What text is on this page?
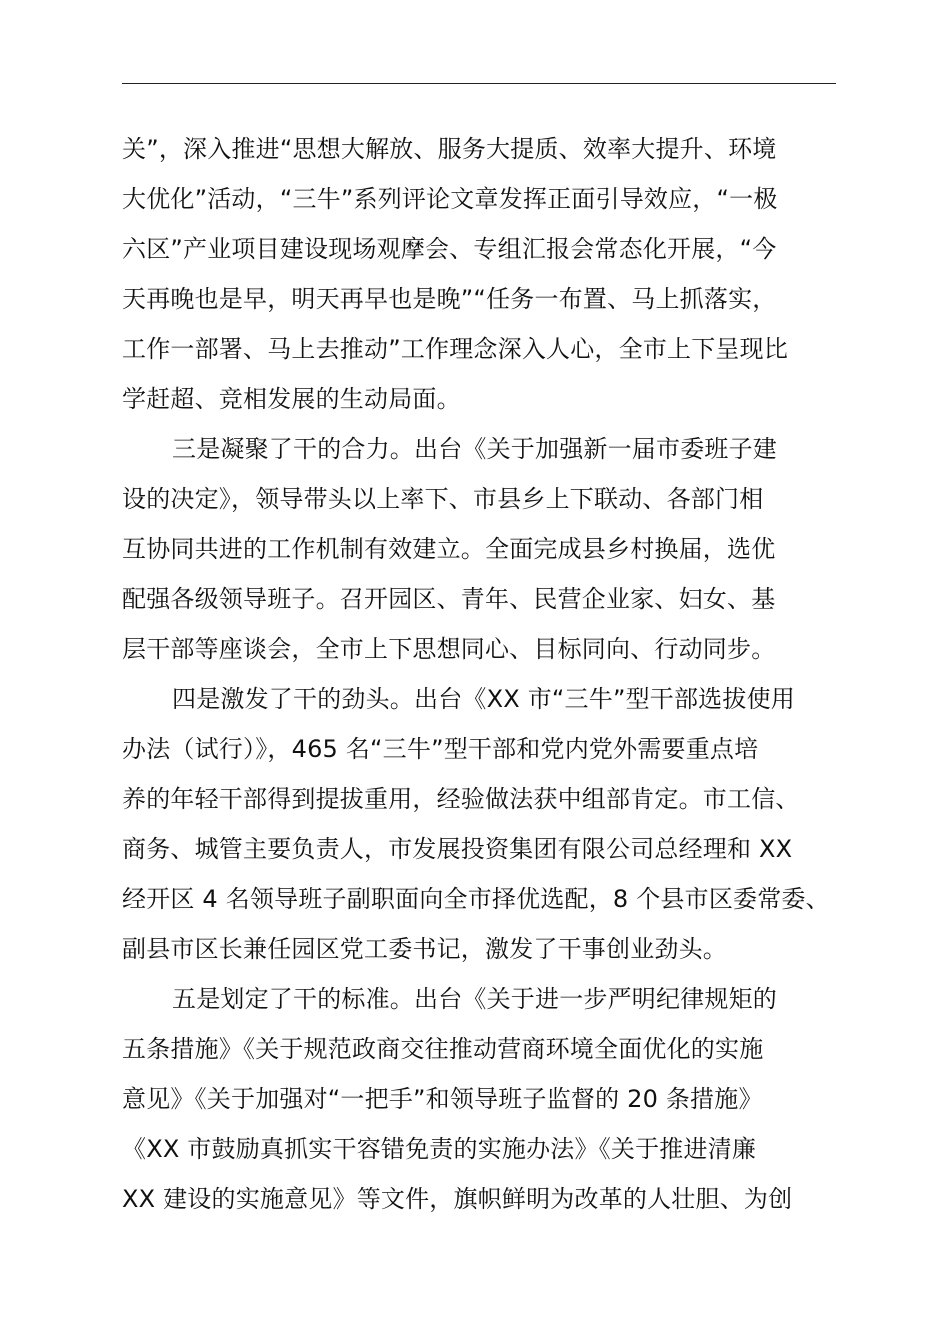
关”，深入推进“思想大解放、服务大提质、效率大提升、环境
大优化”活动，“三牛”系列评论文章发挥正面引导效应，“一极
六区”产业项目建设现场观摩会、专组汇报会常态化开展，“今
天再晚也是早，明天再早也是晚”“任务一布置、马上抓落实，
工作一部署、马上去推动”工作理念深入人心，全市上下呈现比
学赶超、竞相发展的生动局面。
三是凝聚了干的合力。出台《关于加强新一届市委班子建
设的决定》，领导带头以上率下、市县乡上下联动、各部门相
互协同共进的工作机制有效建立。全面完成县乡村换届，选优
配强各级领导班子。召开园区、青年、民营企业家、妇女、基
层干部等座谈会，全市上下思想同心、目标同向、行动同步。
四是激发了干的劲头。出台《XX 市“三牛”型干部选拔使用
办法（试行）》，465 名“三牛”型干部和党内党外需要重点培
养的年轻干部得到提拔重用，经验做法获中组部肯定。市工信、
商务、城管主要负责人，市发展投资集团有限公司总经理和 XX
经开区 4 名领导班子副职面向全市择优选配，8 个县市区委常委、
副县市区长兼任园区党工委书记，激发了干事创业劲头。
五是划定了干的标准。出台《关于进一步严明纪律规矩的
五条措施》《关于规范政商交往推动营商环境全面优化的实施
意见》《关于加强对“一把手”和领导班子监督的 20 条措施》
《XX 市鼓励真抓实干容错免责的实施办法》《关于推进清廉
XX 建设的实施意见》等文件，旗帜鲜明为改革的人壮胆、为创
